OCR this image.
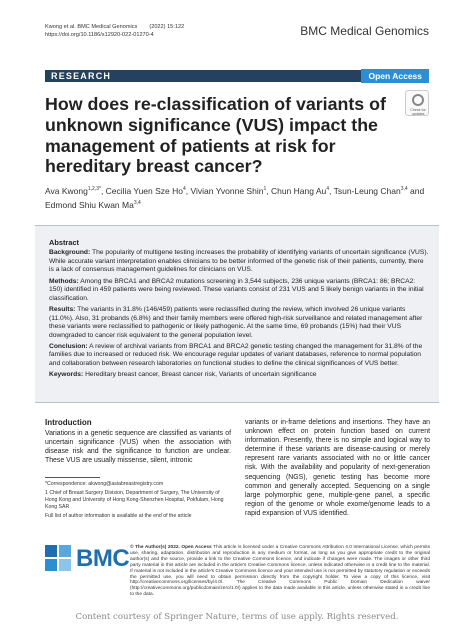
Kwong et al. BMC Medical Genomics (2022) 15:122
https://doi.org/10.1186/s12920-022-01270-4	BMC Medical Genomics
RESEARCH	Open Access
Check for updates
How does re-classification of variants of unknown significance (VUS) impact the management of patients at risk for hereditary breast cancer?
Ava Kwong$^{1,2,3*}$, Cecilia Yuen Sze Ho$^4$, Vivian Yvonne Shin$^1$, Chun Hang Au$^4$, Tsun-Leung Chan$^{3,4}$ and
Edmond Shiu Kwan Ma$^{3,4}$
Abstract

Background: The popularity of multigene testing increases the probability of identifying variants of uncertain significance (VUS). While accurate variant interpretation enables clinicians to be better informed of the genetic risk of their patients, currently, there is a lack of consensus management guidelines for clinicians on VUS.

Methods: Among the BRCA1 and BRCA2 mutations screening in 3,544 subjects, 236 unique variants (BRCA1: 86; BRCA2: 150) identified in 459 patients were being reviewed. These variants consist of 231 VUS and 5 likely benign variants in the initial classification.

Results: The variants in 31.8% (146/459) patients were reclassified during the review, which involved 26 unique variants (11.0%). Also, 31 probands (6.8%) and their family members were offered high-risk surveillance and related management after these variants were reclassified to pathogenic or likely pathogenic. At the same time, 69 probands (15%) had their VUS downgraded to cancer risk equivalent to the general population level.

Conclusion: A review of archival variants from BRCA1 and BRCA2 genetic testing changed the management for 31.8% of the families due to increased or reduced risk. We encourage regular updates of variant databases, reference to normal population and collaboration between research laboratories on functional studies to define the clinical significances of VUS better.

Keywords: Hereditary breast cancer, Breast cancer risk, Variants of uncertain significance

Introduction
Variations in a genetic sequence are classified as variants of uncertain significance (VUS) when the association with disease risk and the significance to function are unclear. These VUS are usually missense, silent, intronic
variants or in-frame deletions and insertions. They have an unknown effect on protein function based on current information. Presently, there is no simple and logical way to determine if these variants are disease-causing or merely represent rare variants associated with no or little cancer risk. With the availability and popularity of next-generation sequencing (NGS), genetic testing has become more common and generally accepted. Sequencing on a single large polymorphic gene, multiple-gene panel, a specific region of the genome or whole exome/genome leads to a rapid expansion of VUS identified.
*Correspondence: akwong@asiabreastregistry.com
1 Chief of Breast Surgery Division, Department of Surgery, The University of Hong Kong and University of Hong Kong-Shenzhen Hospital, Pokfulam, Hong Kong SAR
Full list of author information is available at the end of the article
BMC © The Author(s) 2022. Open Access This article is licensed under a Creative Commons Attribution 4.0 International License, which permits use, sharing, adaptation, distribution and reproduction in any medium or format, as long as you give appropriate credit to the original author(s) and the source, provide a link to the Creative Commons licence, and indicate if changes were made. The images or other third party material in this article are included in the article's Creative Commons licence, unless indicated otherwise in a credit line to the material. If material is not included in the article's Creative Commons licence and your intended use is not permitted by statutory regulation or exceeds the permitted use, you will need to obtain permission directly from the copyright holder. To view a copy of this licence, visit http://creativecommons.org/licenses/by/4.0/. The Creative Commons Public Domain Dedication waiver (http://creativecommons.org/publicdomain/zero/1.0/) applies to the data made available in this article, unless otherwise stated in a credit line to the data.
Content courtesy of Springer Nature, terms of use apply. Rights reserved.
